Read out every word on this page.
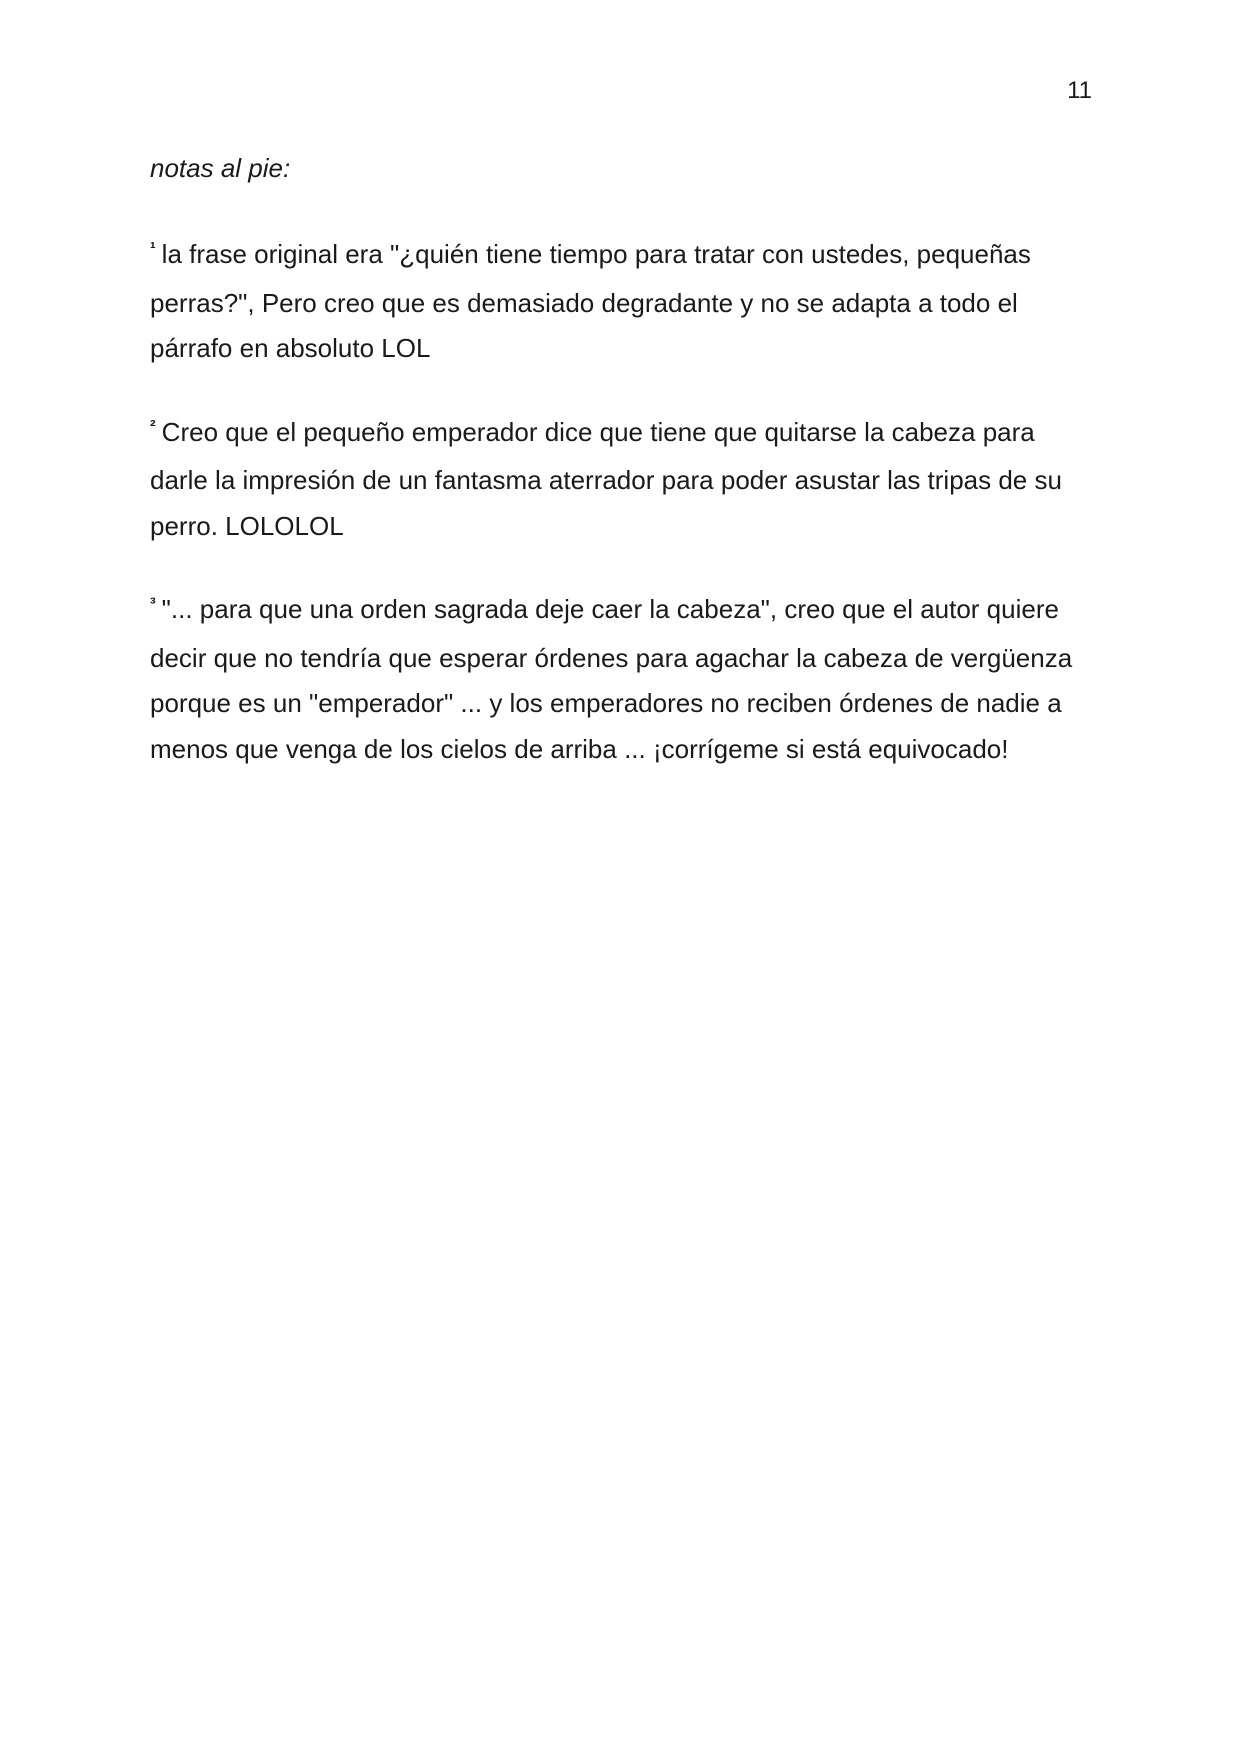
11

notas al pie:

$^{^1}$ la frase original era "¿quién tiene tiempo para tratar con ustedes, pequeñas perras?", Pero creo que es demasiado degradante y no se adapta a todo el párrafo en absoluto LOL

$^{^2}$ Creo que el pequeño emperador dice que tiene que quitarse la cabeza para darle la impresión de un fantasma aterrador para poder asustar las tripas de su perro. LOLOLOL

$^{^3}$ "... para que una orden sagrada deje caer la cabeza", creo que el autor quiere decir que no tendría que esperar órdenes para agachar la cabeza de vergüenza porque es un "emperador" ... y los emperadores no reciben órdenes de nadie a menos que venga de los cielos de arriba ... ¡corrígeme si está equivocado!
